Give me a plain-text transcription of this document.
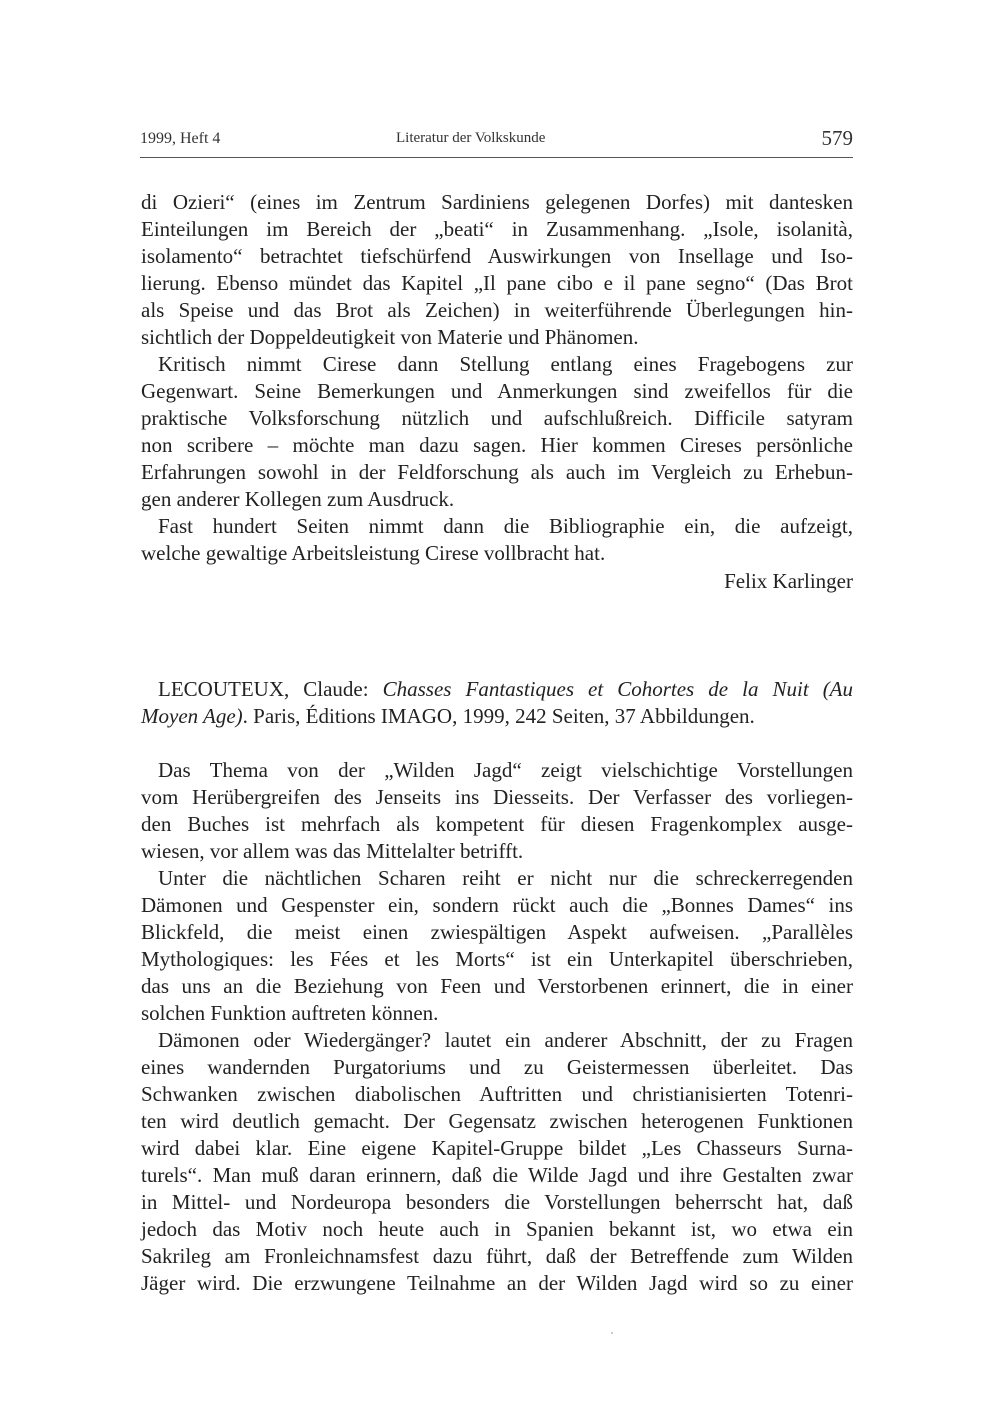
1999, Heft 4	Literatur der Volkskunde	579
di Ozieri“ (eines im Zentrum Sardiniens gelegenen Dorfes) mit dantesken
Einteilungen im Bereich der „beati“ in Zusammenhang. „Isole, isolanità,
isolamento“ betrachtet tiefschürfend Auswirkungen von Insellage und Iso-
lierung. Ebenso mündet das Kapitel „Il pane cibo e il pane segno“ (Das Brot
als Speise und das Brot als Zeichen) in weiterführende Überlegungen hin-
sichtlich der Doppeldeutigkeit von Materie und Phänomen.
Kritisch nimmt Cirese dann Stellung entlang eines Fragebogens zur
Gegenwart. Seine Bemerkungen und Anmerkungen sind zweifellos für die
praktische Volksforschung nützlich und aufschlußreich. Difficile satyram
non scribere – möchte man dazu sagen. Hier kommen Cireses persönliche
Erfahrungen sowohl in der Feldforschung als auch im Vergleich zu Erhebun-
gen anderer Kollegen zum Ausdruck.
Fast hundert Seiten nimmt dann die Bibliographie ein, die aufzeigt,
welche gewaltige Arbeitsleistung Cirese vollbracht hat.
Felix Karlinger
LECOUTEUX, Claude: Chasses Fantastiques et Cohortes de la Nuit (Au
Moyen Age). Paris, Éditions IMAGO, 1999, 242 Seiten, 37 Abbildungen.
Das Thema von der „Wilden Jagd“ zeigt vielschichtige Vorstellungen
vom Herübergreifen des Jenseits ins Diesseits. Der Verfasser des vorliegen-
den Buches ist mehrfach als kompetent für diesen Fragenkomplex ausge-
wiesen, vor allem was das Mittelalter betrifft.
Unter die nächtlichen Scharen reiht er nicht nur die schreckerregenden
Dämonen und Gespenster ein, sondern rückt auch die „Bonnes Dames“ ins
Blickfeld, die meist einen zwiespältigen Aspekt aufweisen. „Parallèles
Mythologiques: les Fées et les Morts“ ist ein Unterkapitel überschrieben,
das uns an die Beziehung von Feen und Verstorbenen erinnert, die in einer
solchen Funktion auftreten können.
Dämonen oder Wiedergänger? lautet ein anderer Abschnitt, der zu Fragen
eines wandernden Purgatoriums und zu Geistermessen überleitet. Das
Schwanken zwischen diabolischen Auftritten und christianisierten Totenri-
ten wird deutlich gemacht. Der Gegensatz zwischen heterogenen Funktionen
wird dabei klar. Eine eigene Kapitel-Gruppe bildet „Les Chasseurs Surna-
turels“. Man muß daran erinnern, daß die Wilde Jagd und ihre Gestalten zwar
in Mittel- und Nordeuropa besonders die Vorstellungen beherrscht hat, daß
jedoch das Motiv noch heute auch in Spanien bekannt ist, wo etwa ein
Sakrileg am Fronleichnamsfest dazu führt, daß der Betreffende zum Wilden
Jäger wird. Die erzwungene Teilnahme an der Wilden Jagd wird so zu einer
